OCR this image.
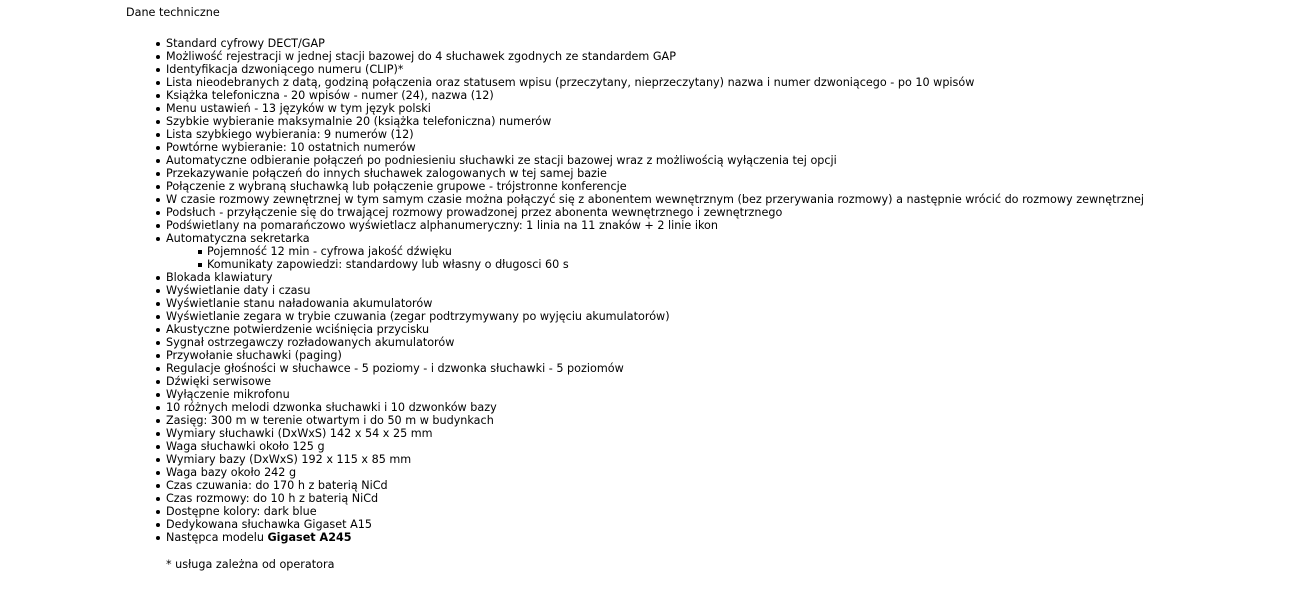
Dane techniczne
Standard cyfrowy DECT/GAP
Możliwość rejestracji w jednej stacji bazowej do 4 słuchawek zgodnych ze standardem GAP
Identyfikacja dzwoniącego numeru (CLIP)*
Lista nieodebranych z datą, godziną połączenia oraz statusem wpisu (przeczytany, nieprzeczytany) nazwa i numer dzwoniącego - po 10 wpisów
Książka telefoniczna - 20 wpisów - numer (24), nazwa (12)
Menu ustawień - 13 języków w tym język polski
Szybkie wybieranie maksymalnie 20 (książka telefoniczna) numerów
Lista szybkiego wybierania: 9 numerów (12)
Powtórne wybieranie: 10 ostatnich numerów
Automatyczne odbieranie połączeń po podniesieniu słuchawki ze stacji bazowej wraz z możliwością wyłączenia tej opcji
Przekazywanie połączeń do innych słuchawek zalogowanych w tej samej bazie
Połączenie z wybraną słuchawką lub połączenie grupowe - trójstronne konferencje
W czasie rozmowy zewnętrznej w tym samym czasie można połączyć się z abonentem wewnętrznym (bez przerywania rozmowy) a następnie wrócić do rozmowy zewnętrznej
Podsłuch - przyłączenie się do trwającej rozmowy prowadzonej przez abonenta wewnętrznego i zewnętrznego
Podświetlany na pomarańczowo wyświetlacz alphanumeryczny: 1 linia na 11 znaków + 2 linie ikon
Automatyczna sekretarka
Pojemność 12 min - cyfrowa jakość dźwięku
Komunikaty zapowiedzi: standardowy lub własny o długosci 60 s
Blokada klawiatury
Wyświetlanie daty i czasu
Wyświetlanie stanu naładowania akumulatorów
Wyświetlanie zegara w trybie czuwania (zegar podtrzymywany po wyjęciu akumulatorów)
Akustyczne potwierdzenie wciśnięcia przycisku
Sygnał ostrzegawczy rozładowanych akumulatorów
Przywołanie słuchawki (paging)
Regulacje głośności w słuchawce - 5 poziomy - i dzwonka słuchawki - 5 poziomów
Dźwięki serwisowe
Wyłączenie mikrofonu
10 różnych melodi dzwonka słuchawki i 10 dzwonków bazy
Zasięg: 300 m w terenie otwartym i do 50 m w budynkach
Wymiary słuchawki (DxWxS) 142 x 54 x 25 mm
Waga słuchawki około 125 g
Wymiary bazy (DxWxS) 192 x 115 x 85 mm
Waga bazy około 242 g
Czas czuwania: do 170 h z baterią NiCd
Czas rozmowy: do 10 h z baterią NiCd
Dostępne kolory: dark blue
Dedykowana słuchawka Gigaset A15
Następca modelu Gigaset A245
* usługa zależna od operatora
